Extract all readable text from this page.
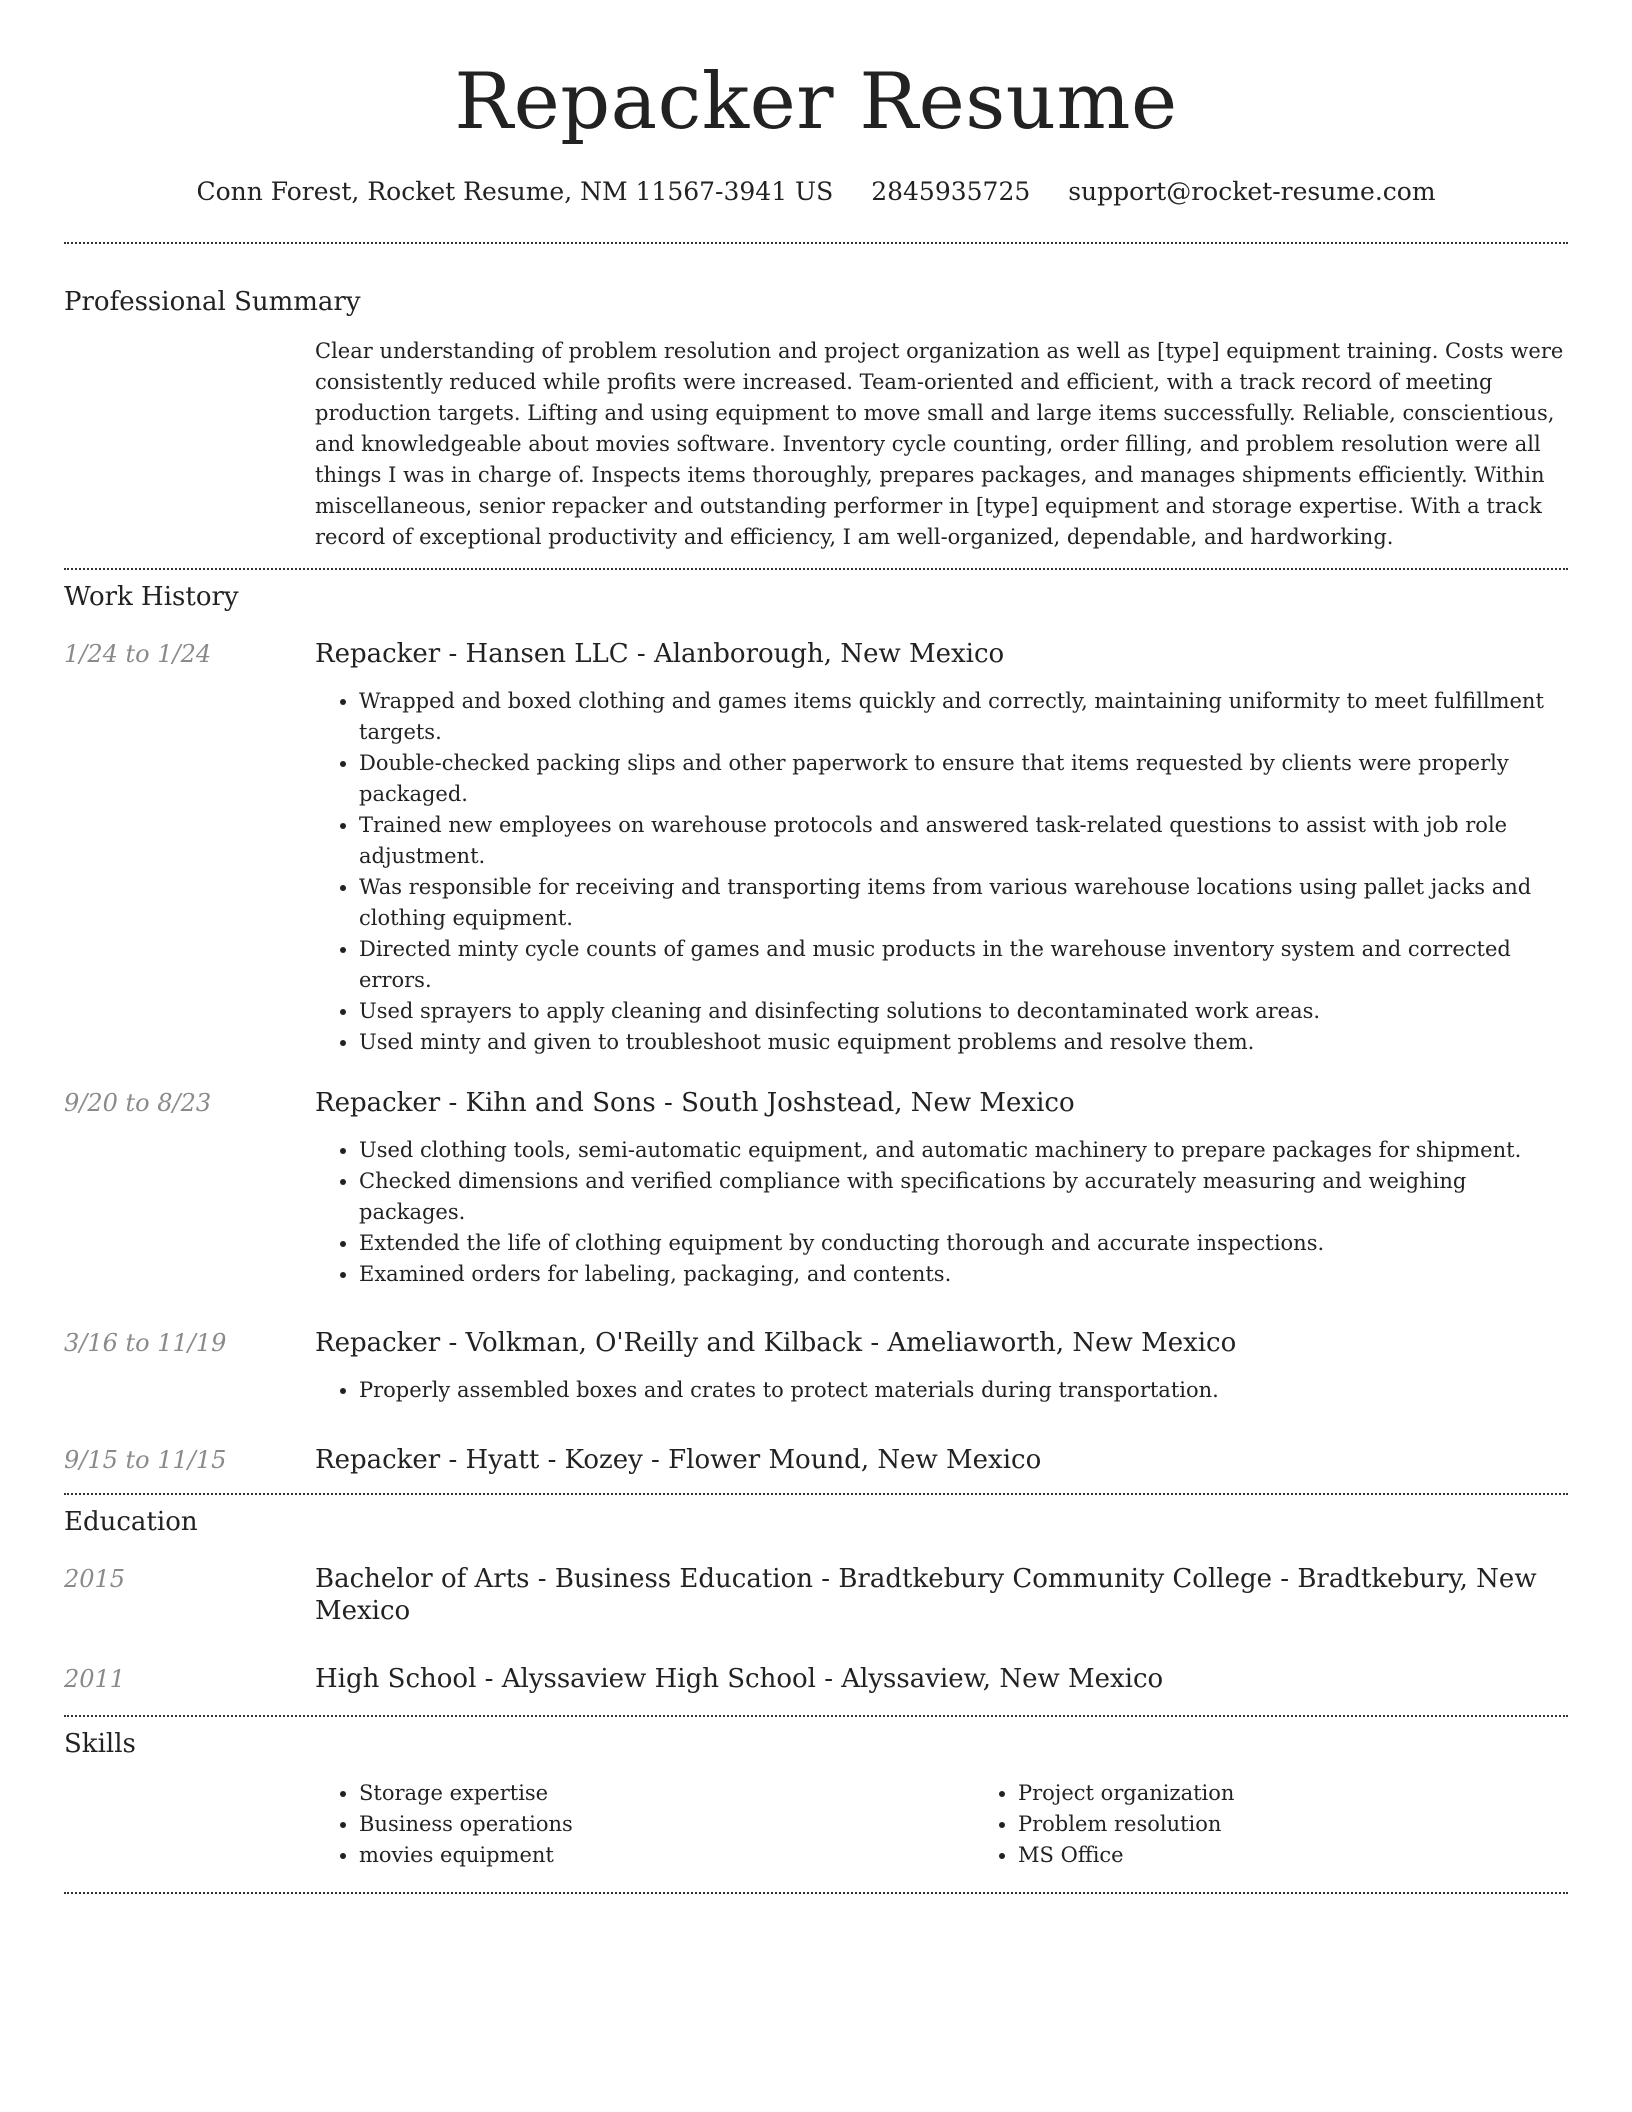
Repacker Resume
Conn Forest, Rocket Resume, NM 11567-3941 US 2845935725 support@rocket-resume.com
Professional Summary

Clear understanding of problem resolution and project organization as well as [type] equipment training. Costs were consistently reduced while profits were increased. Team-oriented and efficient, with a track record of meeting production targets. Lifting and using equipment to move small and large items successfully. Reliable, conscientious, and knowledgeable about movies software. Inventory cycle counting, order filling, and problem resolution were all things I was in charge of. Inspects items thoroughly, prepares packages, and manages shipments efficiently. Within miscellaneous, senior repacker and outstanding performer in [type] equipment and storage expertise. With a track record of exceptional productivity and efficiency, I am well-organized, dependable, and hardworking.

Work History
1/24 to 1/24	Repacker - Hansen LLC - Alanborough, New Mexico
• Wrapped and boxed clothing and games items quickly and correctly, maintaining uniformity to meet fulfillment targets.
• Double-checked packing slips and other paperwork to ensure that items requested by clients were properly packaged.
• Trained new employees on warehouse protocols and answered task-related questions to assist with job role adjustment.
• Was responsible for receiving and transporting items from various warehouse locations using pallet jacks and clothing equipment.
• Directed minty cycle counts of games and music products in the warehouse inventory system and corrected errors.
• Used sprayers to apply cleaning and disinfecting solutions to decontaminated work areas.
• Used minty and given to troubleshoot music equipment problems and resolve them.
9/20 to 8/23	Repacker - Kihn and Sons - South Joshstead, New Mexico
• Used clothing tools, semi-automatic equipment, and automatic machinery to prepare packages for shipment.
• Checked dimensions and verified compliance with specifications by accurately measuring and weighing packages.
• Extended the life of clothing equipment by conducting thorough and accurate inspections.
• Examined orders for labeling, packaging, and contents.
3/16 to 11/19	Repacker - Volkman, O'Reilly and Kilback - Ameliaworth, New Mexico
• Properly assembled boxes and crates to protect materials during transportation.
9/15 to 11/15	Repacker - Hyatt - Kozey - Flower Mound, New Mexico
Education
2015	Bachelor of Arts - Business Education - Bradtkebury Community College - Bradtkebury, New Mexico
2011	High School - Alyssaview High School - Alyssaview, New Mexico
Skills
• Storage expertise
• Business operations
• movies equipment
• Project organization
• Problem resolution
• MS Office
